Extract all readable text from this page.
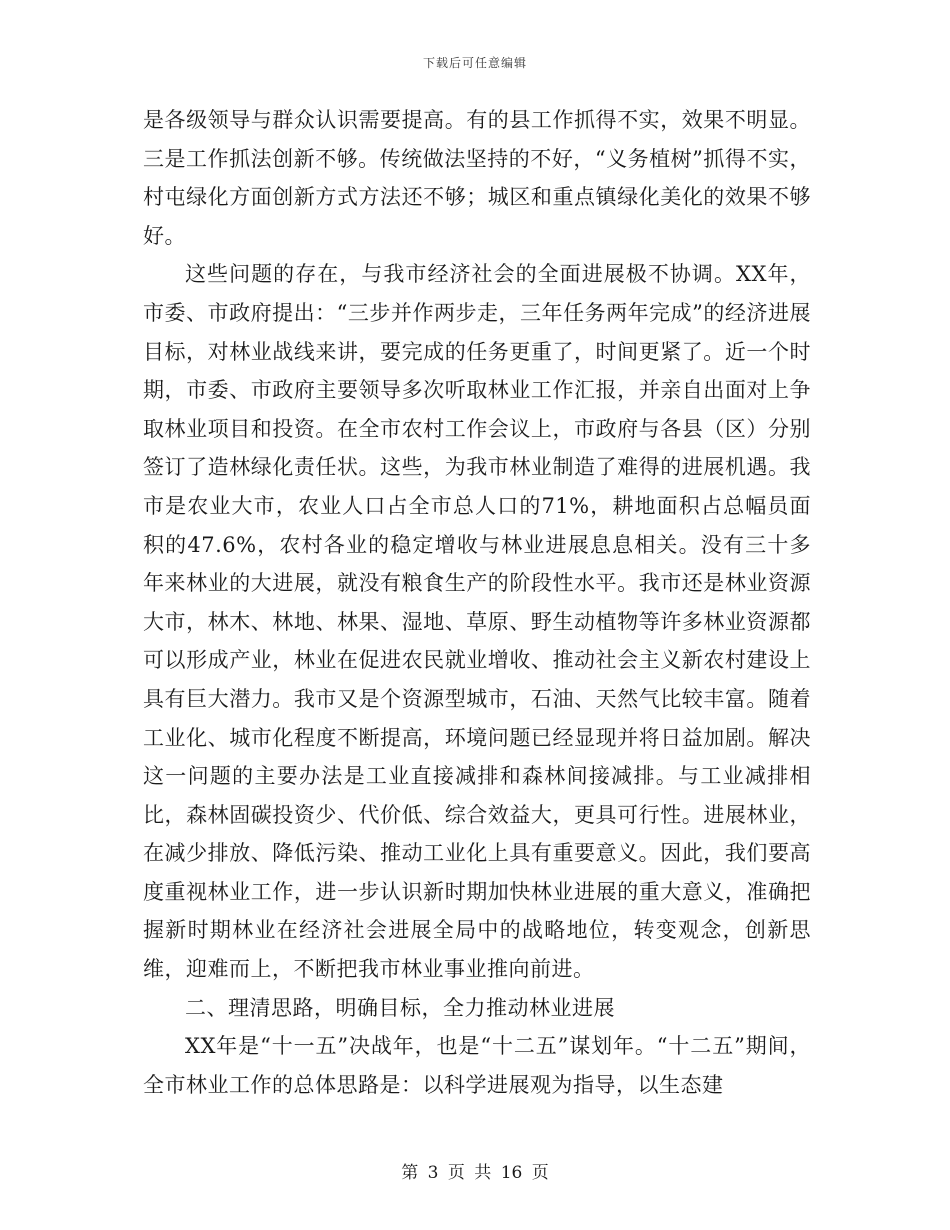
下载后可任意编辑

是各级领导与群众认识需要提高。有的县工作抓得不实，效果不明显。三是工作抓法创新不够。传统做法坚持的不好，“义务植树”抓得不实，村屯绿化方面创新方式方法还不够；城区和重点镇绿化美化的效果不够好。

这些问题的存在，与我市经济社会的全面进展极不协调。XX年，市委、市政府提出：“三步并作两步走，三年任务两年完成”的经济进展目标，对林业战线来讲，要完成的任务更重了，时间更紧了。近一个时期，市委、市政府主要领导多次听取林业工作汇报，并亲自出面对上争取林业项目和投资。在全市农村工作会议上，市政府与各县（区）分别签订了造林绿化责任状。这些，为我市林业制造了难得的进展机遇。我市是农业大市，农业人口占全市总人口的71%，耕地面积占总幅员面积的47.6%，农村各业的稳定增收与林业进展息息相关。没有三十多年来林业的大进展，就没有粮食生产的阶段性水平。我市还是林业资源大市，林木、林地、林果、湿地、草原、野生动植物等许多林业资源都可以形成产业，林业在促进农民就业增收、推动社会主义新农村建设上具有巨大潜力。我市又是个资源型城市，石油、天然气比较丰富。随着工业化、城市化程度不断提高，环境问题已经显现并将日益加剧。解决这一问题的主要办法是工业直接减排和森林间接减排。与工业减排相比，森林固碳投资少、代价低、综合效益大，更具可行性。进展林业，在减少排放、降低污染、推动工业化上具有重要意义。因此，我们要高度重视林业工作，进一步认识新时期加快林业进展的重大意义，准确把握新时期林业在经济社会进展全局中的战略地位，转变观念，创新思维，迎难而上，不断把我市林业事业推向前进。

二、理清思路，明确目标，全力推动林业进展

XX年是“十一五”决战年，也是“十二五”谋划年。“十二五”期间，全市林业工作的总体思路是：以科学进展观为指导，以生态建

第 3 页 共 16 页
